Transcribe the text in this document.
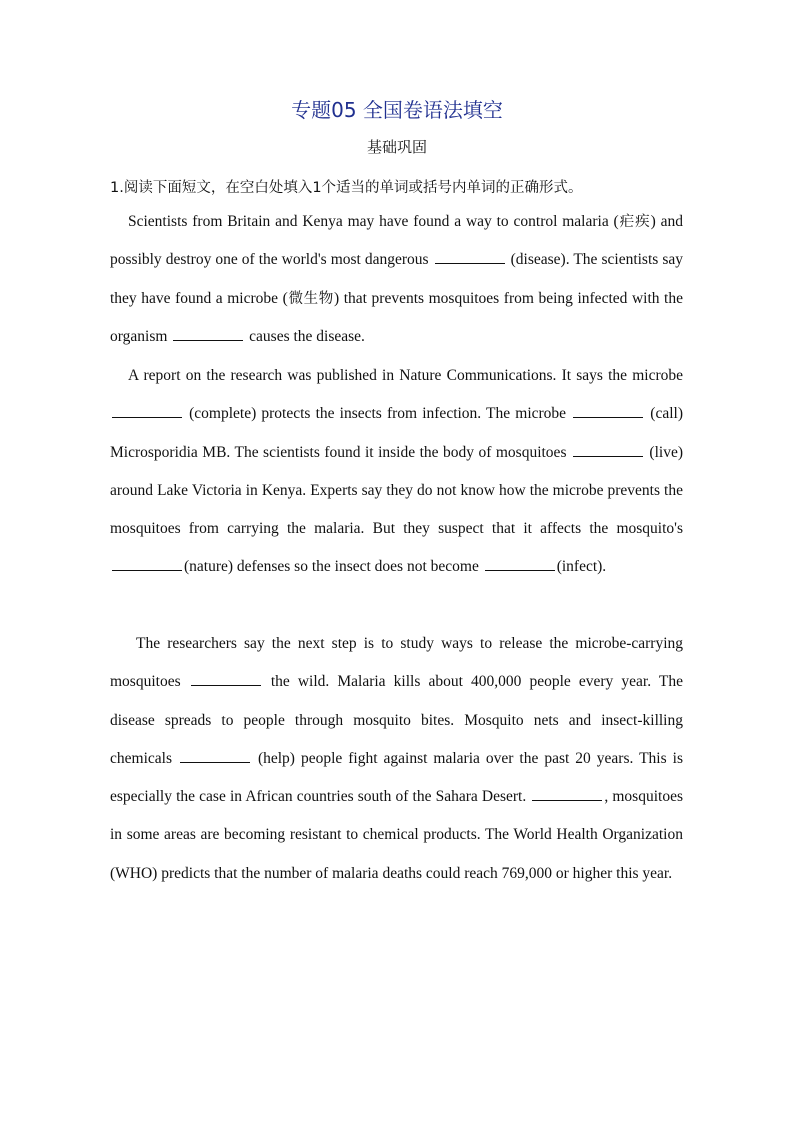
专题05 全国卷语法填空
基础巩固
1.阅读下面短文，在空白处填入1个适当的单词或括号内单词的正确形式。

Scientists from Britain and Kenya may have found a way to control malaria (疟疾) and possibly destroy one of the world's most dangerous	(disease). The scientists say they have found a microbe (微生物) that prevents mosquitoes from being infected with the organism	causes the disease.

A report on the research was published in Nature Communications. It says the microbe  (complete) protects the insects from infection. The microbe	(call) Microsporidia MB. The scientists found it inside the body of mosquitoes	(live) around Lake Victoria in Kenya. Experts say they do not know how the microbe prevents the mosquitoes from carrying the malaria. But they suspect that it affects the mosquito's (nature) defenses so the insect does not become	(infect).

The researchers say the next step is to study ways to release the microbe-carrying mosquitoes	the wild. Malaria kills about 400,000 people every year. The disease spreads to people through mosquito bites. Mosquito nets and insect-killing chemicals	(help) people fight against malaria over the past 20 years. This is especially the case in African countries south of the Sahara Desert.	, mosquitoes in some areas are becoming resistant to chemical products. The World Health Organization (WHO) predicts that the number of malaria deaths could reach 769,000 or higher this year.
